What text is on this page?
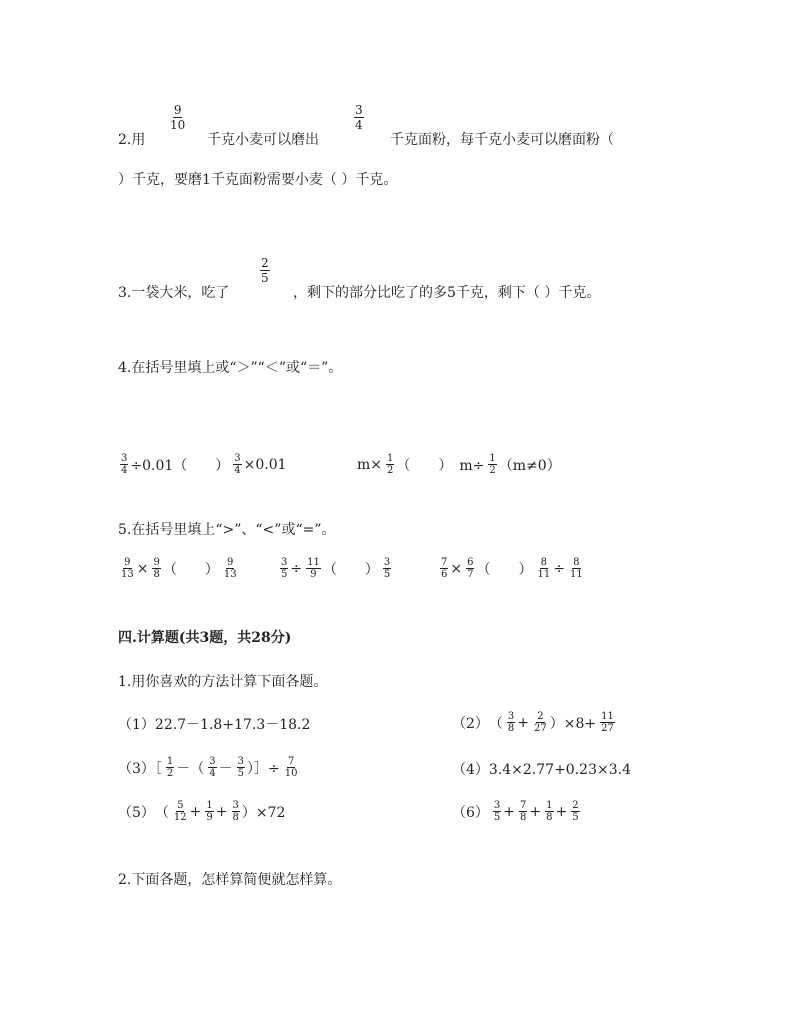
2.用
$\frac{9}{10}$
千克小麦可以磨出
$\frac{3}{4}$
千克面粉，每千克小麦可以磨面粉（
）千克，要磨1千克面粉需要小麦（ ）千克。
3.一袋大米，吃了
$\frac{2}{5}$
，剩下的部分比吃了的多5千克，剩下（ ）千克。
4.在括号里填上或“＞”“＜”或“＝”。
$\frac{3}{4} \div 0.01$（　　） $\frac{3}{4} \times 0.01$	$m\times \frac{1}{2}$ （　　）　$m\div \frac{1}{2} (m\ne 0)$
5.在括号里填上“>”、“<”或“=”。
$\frac{9}{13} \times \frac{9}{8}$ （　　） $\frac{9}{13}$	$\frac{3}{5} \div \frac{11}{9}$ （　　） $\frac{3}{5}$	$\frac{7}{6} \times \frac{6}{7}$ （　　） $\frac{8}{11} \div \frac{8}{11}$
四.计算题(共3题，共28分)
1.用你喜欢的方法计算下面各题。
（1）22.7－1.8+17.3－18.2	（2）　（ $\frac{3}{8} + \frac{2}{27} )\times 8+ \frac{11}{27}$
（3）［ $\frac{1}{2}$ －（ $\frac{3}{4} - \frac{3}{5}$ ）］÷ $\frac{7}{10}$	（4）3.4×2.77+0.23×3.4
（5）　（ $\frac{5}{12} + \frac{1}{9} + \frac{3}{8} )\times 72$	$(6) \frac{3}{5} + \frac{7}{8} + \frac{1}{8} + \frac{2}{5}$
2.下面各题，怎样算简便就怎样算。
